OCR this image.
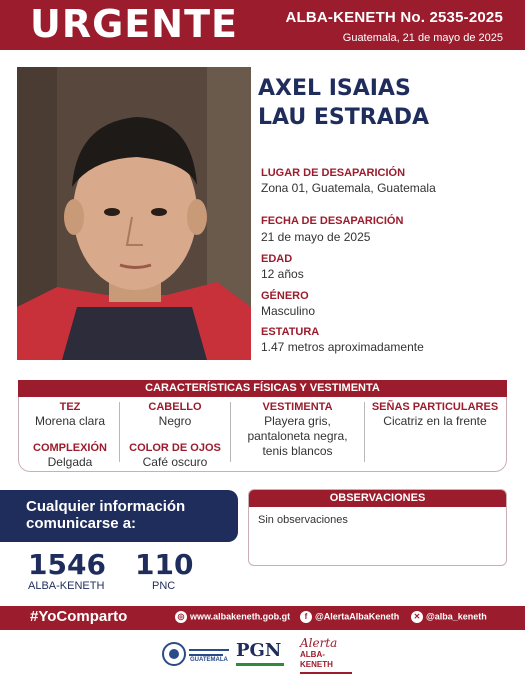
URGENTE	ALBA-KENETH No. 2535-2025
Guatemala, 21 de mayo de 2025
AXEL ISAIAS
LAU ESTRADA
LUGAR DE DESAPARICIÓN
Zona 01, Guatemala, Guatemala
FECHA DE DESAPARICIÓN
21 de mayo de 2025
EDAD
12 años
GÉNERO
Masculino
ESTATURA
1.47 metros aproximadamente
CARACTERÍSTICAS FÍSICAS Y VESTIMENTA
TEZ
Morena clara
COMPLEXIÓN
Delgada
CABELLO
Negro
COLOR DE OJOS
Café oscuro
VESTIMENTA
Playera gris,
pantaloneta negra,
tenis blancos
SEÑAS PARTICULARES
Cicatriz en la frente
Cualquier información
comunicarse a:
1546
ALBA-KENETH
110
PNC
OBSERVACIONES
Sin observaciones
#YoComparto	◎ www.albakeneth.gob.gt	f @AlertaAlbaKeneth	✕ @alba_keneth
GUATEMALA PGN	Alerta
ALBA-KENETH
